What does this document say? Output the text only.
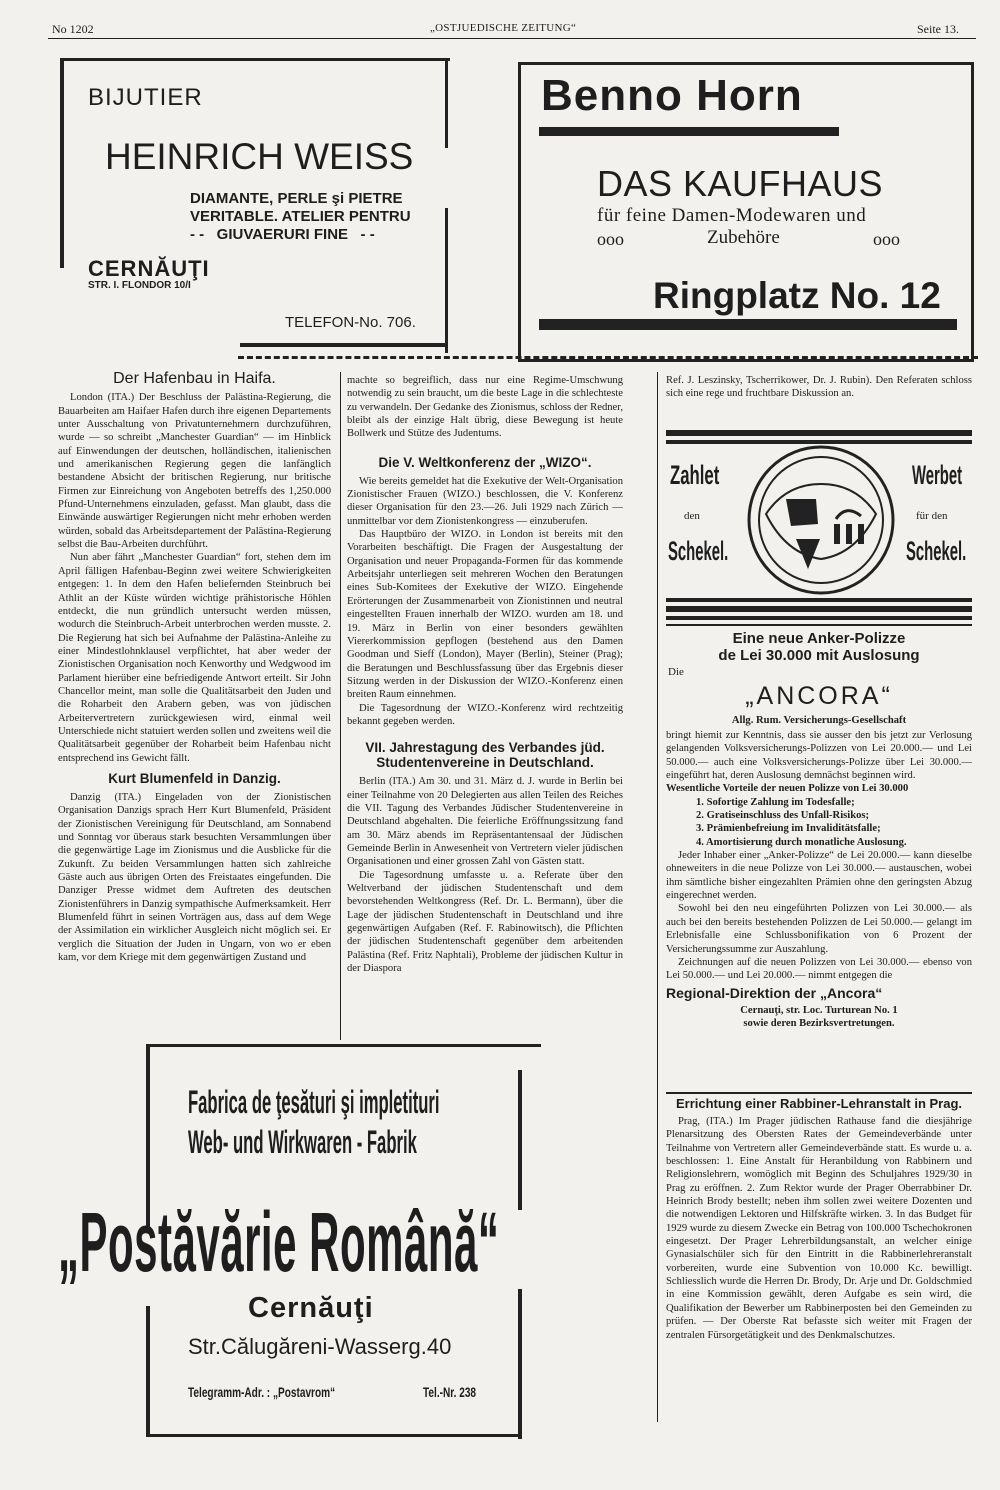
No 1202	„OSTJUEDISCHE ZEITUNG“	Seite 13.
BIJUTIER
HEINRICH WEISS
DIAMANTE, PERLE şi PIETRE
VERITABLE. ATELIER PENTRU
- -   GIUVAERURI FINE   - -
CERNĂUŢI
STR. I. FLONDOR 10/I
TELEFON-No. 706.
Benno Horn
DAS KAUFHAUS
für feine Damen-Modewaren und
ooo	Zubehöre	ooo
Ringplatz No. 12
Der Hafenbau in Haifa.

London (ITA.) Der Beschluss der Palästina-Regierung, die Bauarbeiten am Haifaer Hafen durch ihre eigenen Departements unter Ausschaltung von Privatunternehmern durchzuführen, wurde — so schreibt „Manchester Guardian“ — im Hinblick auf Einwendungen der deutschen, holländischen, italienischen und amerikanischen Regierung gegen die lanfänglich bestandene Absicht der britischen Regierung, nur britische Firmen zur Einreichung von Angeboten betreffs des 1,250.000 Pfund-Unternehmens einzuladen, gefasst. Man glaubt, dass die Einwände auswärtiger Regierungen nicht mehr erhoben werden würden, sobald das Arbeitsdepartement der Palästina-Regierung selbst die Bau-Arbeiten durchführt.

Nun aber fährt „Manchester Guardian“ fort, stehen dem im April fälligen Hafenbau-Beginn zwei weitere Schwierigkeiten entgegen: 1. In dem den Hafen beliefernden Steinbruch bei Athlit an der Küste würden wichtige prähistorische Höhlen entdeckt, die nun gründlich untersucht werden müssen, wodurch die Steinbruch-Arbeit unterbrochen werden musste. 2. Die Regierung hat sich bei Aufnahme der Palästina-Anleihe zu einer Mindestlohnklausel verpflichtet, hat aber weder der Zionistischen Organisation noch Kenworthy und Wedgwood im Parlament hierüber eine befriedigende Antwort erteilt. Sir John Chancellor meint, man solle die Qualitätsarbeit den Juden und die Roharbeit den Arabern geben, was von jüdischen Arbeitervertretern zurückgewiesen wird, einmal weil Unterschiede nicht statuiert werden sollen und zweitens weil die Qualitätsarbeit gegenüber der Roharbeit beim Hafenbau nicht entsprechend ins Gewicht fällt.

Kurt Blumenfeld in Danzig.

Danzig (ITA.) Eingeladen von der Zionistischen Organisation Danzigs sprach Herr Kurt Blumenfeld, Präsident der Zionistischen Vereinigung für Deutschland, am Sonnabend und Sonntag vor überaus stark besuchten Versammlungen über die gegenwärtige Lage im Zionismus und die Ausblicke für die Zukunft. Zu beiden Versammlungen hatten sich zahlreiche Gäste auch aus übrigen Orten des Freistaates eingefunden. Die Danziger Presse widmet dem Auftreten des deutschen Zionistenführers in Danzig sympathische Aufmerksamkeit. Herr Blumenfeld führt in seinen Vorträgen aus, dass auf dem Wege der Assimilation ein wirklicher Ausgleich nicht möglich sei. Er verglich die Situation der Juden in Ungarn, von wo er eben kam, vor dem Kriege mit dem gegenwärtigen Zustand und

machte so begreiflich, dass nur eine Regime-Umschwung notwendig zu sein braucht, um die beste Lage in die schlechteste zu verwandeln. Der Gedanke des Zionismus, schloss der Redner, bleibt als der einzige Halt übrig, diese Bewegung ist heute Bollwerk und Stütze des Judentums.

Die V. Weltkonferenz der „WIZO“.

Wie bereits gemeldet hat die Exekutive der Welt-Organisation Zionistischer Frauen (WIZO.) beschlossen, die V. Konferenz dieser Organisation für den 23.—26. Juli 1929 nach Zürich — unmittelbar vor dem Zionistenkongress — einzuberufen.

Das Hauptbüro der WIZO. in London ist bereits mit den Vorarbeiten beschäftigt. Die Fragen der Ausgestaltung der Organisation und neuer Propaganda-Formen für das kommende Arbeitsjahr unterliegen seit mehreren Wochen den Beratungen eines Sub-Komitees der Exekutive der WIZO. Eingehende Erörterungen der Zusammenarbeit von Zionistinnen und neutral eingestellten Frauen innerhalb der WIZO. wurden am 18. und 19. März in Berlin von einer besonders gewählten Viererkommission gepflogen (bestehend aus den Damen Goodman und Sieff (London), Mayer (Berlin), Steiner (Prag); die Beratungen und Beschlussfassung über das Ergebnis dieser Sitzung werden in der Diskussion der WIZO.-Konferenz einen breiten Raum einnehmen.

Die Tagesordnung der WIZO.-Konferenz wird rechtzeitig bekannt gegeben werden.

VII. Jahrestagung des Verbandes jüd. Studentenvereine in Deutschland.

Berlin (ITA.) Am 30. und 31. März d. J. wurde in Berlin bei einer Teilnahme von 20 Delegierten aus allen Teilen des Reiches die VII. Tagung des Verbandes Jüdischer Studentenvereine in Deutschland abgehalten. Die feierliche Eröffnungssitzung fand am 30. März abends im Repräsentantensaal der Jüdischen Gemeinde Berlin in Anwesenheit von Vertretern vieler jüdischen Organisationen und einer grossen Zahl von Gästen statt.

Die Tagesordnung umfasste u. a. Referate über den Weltverband der jüdischen Studentenschaft und dem bevorstehenden Weltkongress (Ref. Dr. L. Bermann), über die Lage der jüdischen Studentenschaft in Deutschland und ihre gegenwärtigen Aufgaben (Ref. F. Rabinowitsch), die Pflichten der jüdischen Studentenschaft gegenüber dem arbeitenden Palästina (Ref. Fritz Naphtali), Probleme der jüdischen Kultur in der Diaspora

Ref. J. Leszinsky, Tscherrikower, Dr. J. Rubin). Den Referaten schloss sich eine rege und fruchtbare Diskussion an.

Zahlet
den
Schekel.
Werbet
für den
Schekel.
Eine neue Anker-Polizze
de Lei 30.000 mit Auslosung
Die
„ANCORA“
Allg. Rum. Versicherungs-Gesellschaft

bringt hiemit zur Kenntnis, dass sie ausser den bis jetzt zur Verlosung gelangenden Volksversicherungs-Polizzen von Lei 20.000.— und Lei 50.000.— auch eine Volksversicherungs-Polizze über Lei 30.000.— eingeführt hat, deren Auslosung demnächst beginnen wird.

Wesentliche Vorteile der neuen Polizze von Lei 30.000

1. Sofortige Zahlung im Todesfalle;
2. Gratiseinschluss des Unfall-Risikos;
3. Prämienbefreiung im Invaliditätsfalle;
4. Amortisierung durch monatliche Auslosung.

Jeder Inhaber einer „Anker-Polizze“ de Lei 20.000.— kann dieselbe ohneweiters in die neue Polizze von Lei 30.000.— austauschen, wobei ihm sämtliche bisher eingezahlten Prämien ohne den geringsten Abzug eingerechnet werden.

Sowohl bei den neu eingeführten Polizzen von Lei 30.000.— als auch bei den bereits bestehenden Polizzen de Lei 50.000.— gelangt im Erlebnisfalle eine Schlussbonifikation von 6 Prozent der Versicherungssumme zur Auszahlung.

Zeichnungen auf die neuen Polizzen von Lei 30.000.— ebenso von Lei 50.000.— und Lei 20.000.— nimmt entgegen die

Regional-Direktion der „Ancora“
Cernauţi, str. Loc. Turturean No. 1
sowie deren Bezirksvertretungen.
Errichtung einer Rabbiner-Lehranstalt in Prag.

Prag, (ITA.) Im Prager jüdischen Rathause fand die diesjährige Plenarsitzung des Obersten Rates der Gemeindeverbände unter Teilnahme von Vertretern aller Gemeindeverbände statt. Es wurde u. a. beschlossen: 1. Eine Anstalt für Heranbildung von Rabbinern und Religionslehrern, womöglich mit Beginn des Schuljahres 1929/30 in Prag zu eröffnen. 2. Zum Rektor wurde der Prager Oberrabbiner Dr. Heinrich Brody bestellt; neben ihm sollen zwei weitere Dozenten und die notwendigen Lektoren und Hilfskräfte wirken. 3. In das Budget für 1929 wurde zu diesem Zwecke ein Betrag von 100.000 Tschechokronen eingesetzt. Der Prager Lehrerbildungsanstalt, an welcher einige Gynasialschüler sich für den Eintritt in die Rabbinerlehreranstalt vorbereiten, wurde eine Subvention von 10.000 Kc. bewilligt. Schliesslich wurde die Herren Dr. Brody, Dr. Arje und Dr. Goldschmied in eine Kommission gewählt, deren Aufgabe es sein wird, die Qualifikation der Bewerber um Rabbinerposten bei den Gemeinden zu prüfen. — Der Oberste Rat befasste sich weiter mit Fragen der zentralen Fürsorgetätigkeit und des Denkmalschutzes.

Fabrica de ţesături şi impletituri
Web- und Wirkwaren - Fabrik
„Postăvărie Română“
Cernăuţi
Str.Călugăreni-Wasserg.40
Telegramm-Adr. : „Postavrom“	Tel.-Nr. 238
